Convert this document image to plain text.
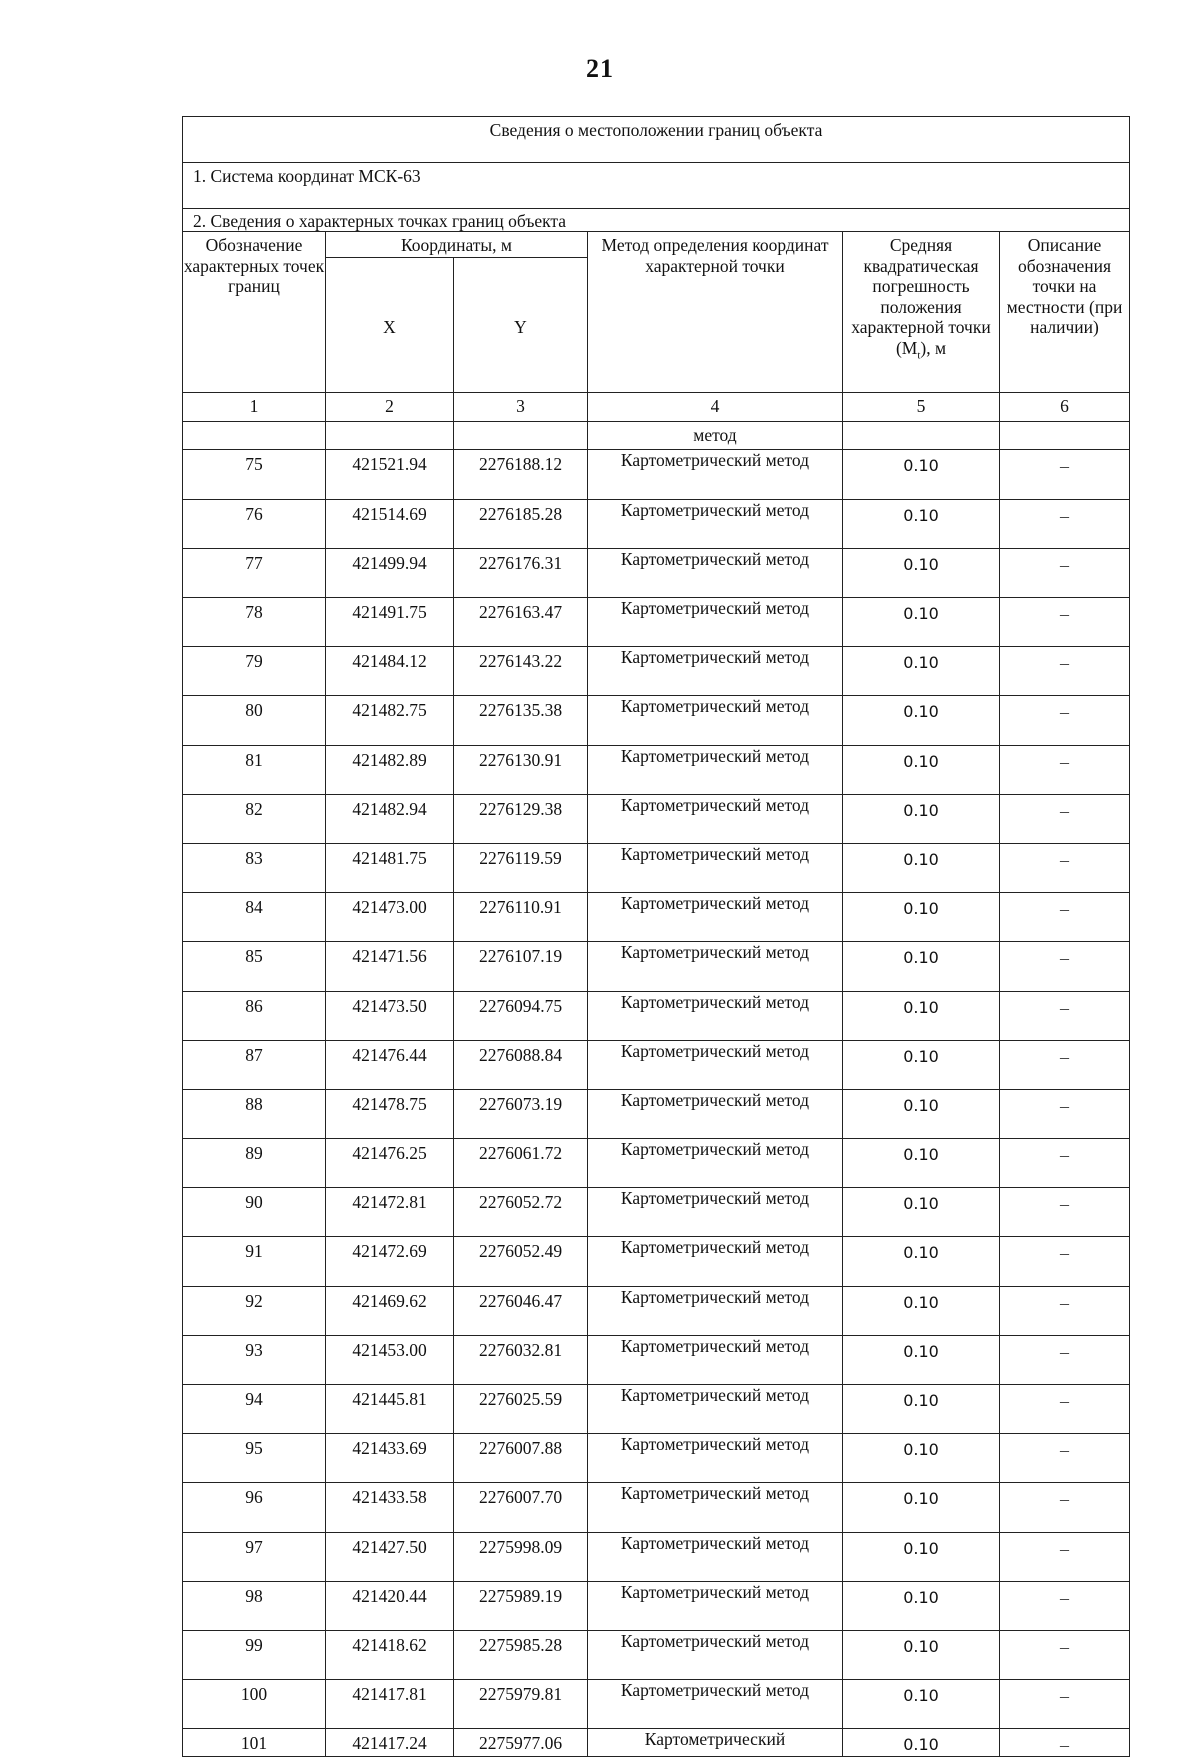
21
Сведения о местоположении границ объекта					
1. Система координат МСК-63					
2. Сведения о характерных точках границ объекта					
Обозначение характерных точек границ	Координаты, м		Метод определения координат характерной точки	Средняя квадратическая погрешность положения характерной точки $(M_t)$, м	Описание обозначения точки на местности (при наличии)
	X	Y			
1	2	3	4	5	6
			метод		
75	421521.94	2276188.12	Картометрический метод	0.10	–
76	421514.69	2276185.28	Картометрический метод	0.10	–
77	421499.94	2276176.31	Картометрический метод	0.10	–
78	421491.75	2276163.47	Картометрический метод	0.10	–
79	421484.12	2276143.22	Картометрический метод	0.10	–
80	421482.75	2276135.38	Картометрический метод	0.10	–
81	421482.89	2276130.91	Картометрический метод	0.10	–
82	421482.94	2276129.38	Картометрический метод	0.10	–
83	421481.75	2276119.59	Картометрический метод	0.10	–
84	421473.00	2276110.91	Картометрический метод	0.10	–
85	421471.56	2276107.19	Картометрический метод	0.10	–
86	421473.50	2276094.75	Картометрический метод	0.10	–
87	421476.44	2276088.84	Картометрический метод	0.10	–
88	421478.75	2276073.19	Картометрический метод	0.10	–
89	421476.25	2276061.72	Картометрический метод	0.10	–
90	421472.81	2276052.72	Картометрический метод	0.10	–
91	421472.69	2276052.49	Картометрический метод	0.10	–
92	421469.62	2276046.47	Картометрический метод	0.10	–
93	421453.00	2276032.81	Картометрический метод	0.10	–
94	421445.81	2276025.59	Картометрический метод	0.10	–
95	421433.69	2276007.88	Картометрический метод	0.10	–
96	421433.58	2276007.70	Картометрический метод	0.10	–
97	421427.50	2275998.09	Картометрический метод	0.10	–
98	421420.44	2275989.19	Картометрический метод	0.10	–
99	421418.62	2275985.28	Картометрический метод	0.10	–
100	421417.81	2275979.81	Картометрический метод	0.10	–
101	421417.24	2275977.06	Картометрический	0.10	–
